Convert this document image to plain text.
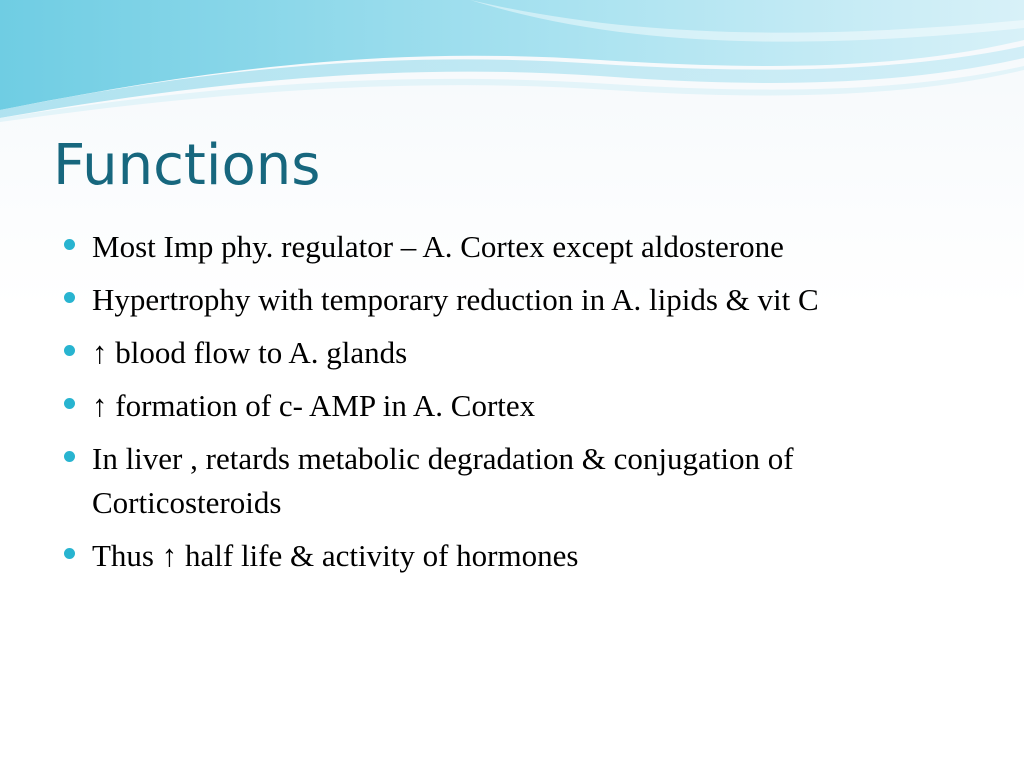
Functions
Most Imp phy. regulator – A. Cortex except aldosterone
Hypertrophy with temporary reduction in A. lipids & vit C
↑ blood flow to A. glands
↑ formation of c- AMP in A. Cortex
In liver , retards metabolic degradation & conjugation of Corticosteroids
Thus ↑ half life & activity of hormones
